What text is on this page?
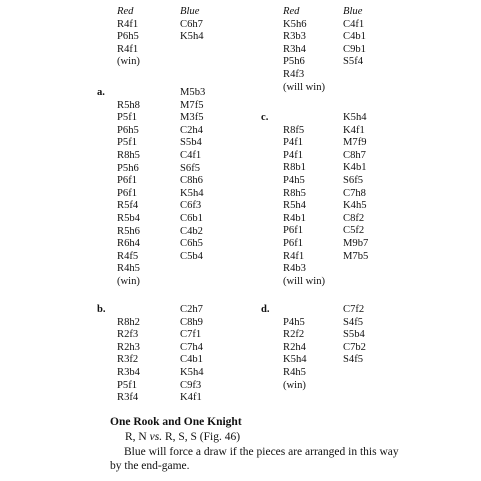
Red	Blue
R4f1	C6h7
P6h5	K5h4
R4f1
(win)
Red	Blue
K5h6	C4f1
R3b3	C4b1
R3h4	C9b1
P5h6	S5f4
R4f3
(will win)
a.	M5b3
R5h8	M7f5
P5f1	M3f5
P6h5	C2h4
P5f1	S5b4
R8h5	C4f1
P5h6	S6f5
P6f1	C8h6
P6f1	K5h4
R5f4	C6f3
R5b4	C6b1
R5h6	C4b2
R6h4	C6h5
R4f5	C5b4
R4h5
(win)
c.	K5h4
R8f5	K4f1
P4f1	M7f9
P4f1	C8h7
R8b1	K4b1
P4h5	S6f5
R8h5	C7h8
R5h4	K4h5
R4b1	C8f2
P6f1	C5f2
P6f1	M9b7
R4f1	M7b5
R4b3
(will win)
b.	C2h7
R8h2	C8h9
R2f3	C7f1
R2h3	C7h4
R3f2	C4b1
R3b4	K5h4
P5f1	C9f3
R3f4	K4f1
d.	C7f2
P4h5	S4f5
R2f2	S5b4
R2h4	C7b2
K5h4	S4f5
R4h5
(win)
One Rook and One Knight
R, N vs. R, S, S (Fig. 46)
Blue will force a draw if the pieces are arranged in this way by the end-game.
